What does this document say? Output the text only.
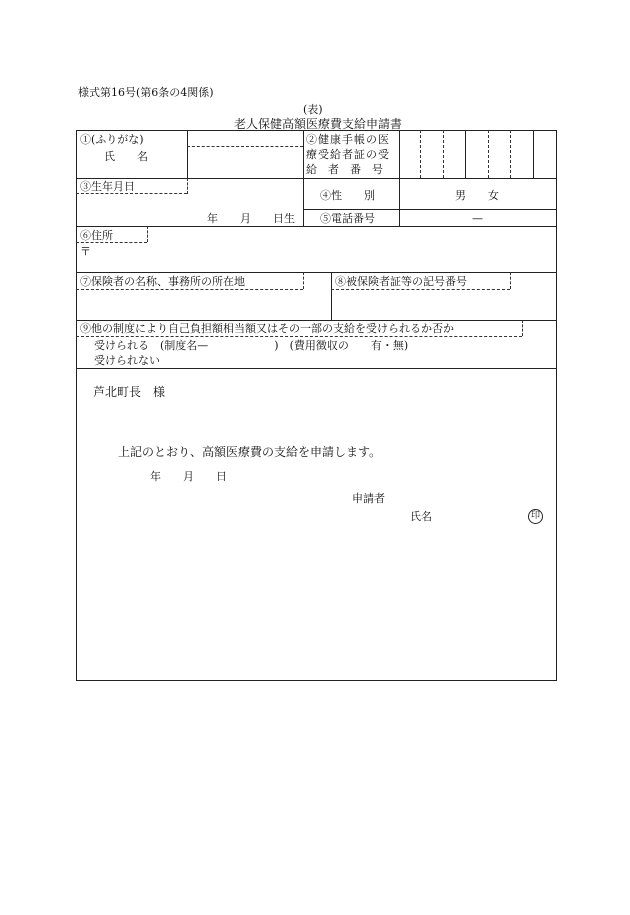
様式第16号(第6条の4関係)
(表)
老人保健高額医療費支給申請書
①(ふりがな)
氏　　名
②健康手帳の医
療受給者証の受
給　者　番　号
③生年月日
年　　月　　日生
④性　　別	男　　女
⑤電話番号	—
⑥住所
〒
⑦保険者の名称、事務所の所在地	⑧被保険者証等の記号番号
⑨他の制度により自己負担額相当額又はその一部の支給を受けられるか否か
受けられる　(制度名—　　　　　　)　(費用徴収の　　有・無)
受けられない
芦北町長　様
上記のとおり、高額医療費の支給を申請します。
年　　月　　日
申請者
氏名	印
